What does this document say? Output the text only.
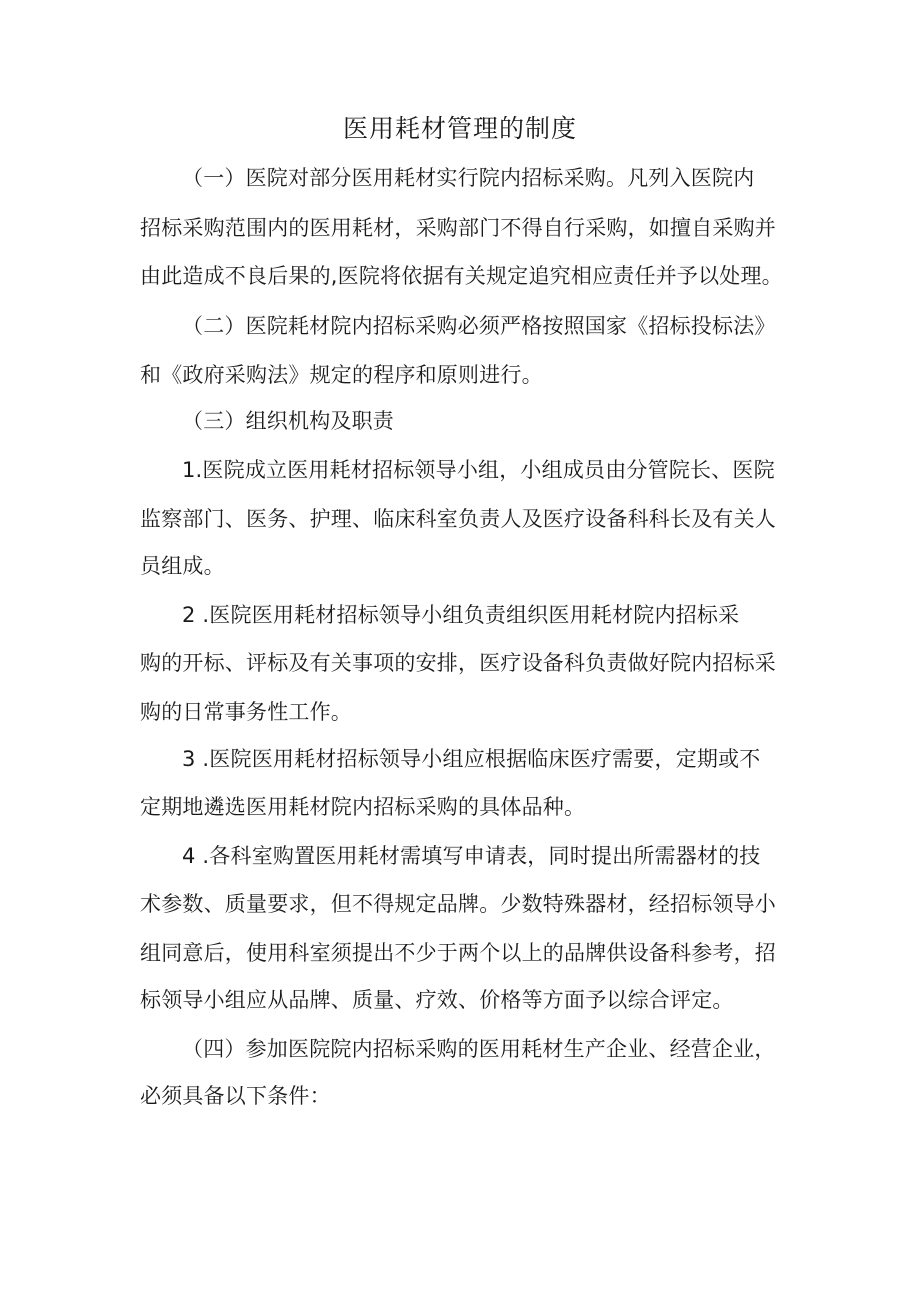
医用耗材管理的制度
（一）医院对部分医用耗材实行院内招标采购。凡列入医院内
招标采购范围内的医用耗材，采购部门不得自行采购，如擅自采购并
由此造成不良后果的,医院将依据有关规定追究相应责任并予以处理。
（二）医院耗材院内招标采购必须严格按照国家《招标投标法》
和《政府采购法》规定的程序和原则进行。
（三）组织机构及职责
1.医院成立医用耗材招标领导小组，小组成员由分管院长、医院
监察部门、医务、护理、临床科室负责人及医疗设备科科长及有关人
员组成。
2 .医院医用耗材招标领导小组负责组织医用耗材院内招标采
购的开标、评标及有关事项的安排，医疗设备科负责做好院内招标采
购的日常事务性工作。
3 .医院医用耗材招标领导小组应根据临床医疗需要，定期或不
定期地遴选医用耗材院内招标采购的具体品种。
4 .各科室购置医用耗材需填写申请表，同时提出所需器材的技
术参数、质量要求，但不得规定品牌。少数特殊器材，经招标领导小
组同意后，使用科室须提出不少于两个以上的品牌供设备科参考，招
标领导小组应从品牌、质量、疗效、价格等方面予以综合评定。
（四）参加医院院内招标采购的医用耗材生产企业、经营企业，
必须具备以下条件：
